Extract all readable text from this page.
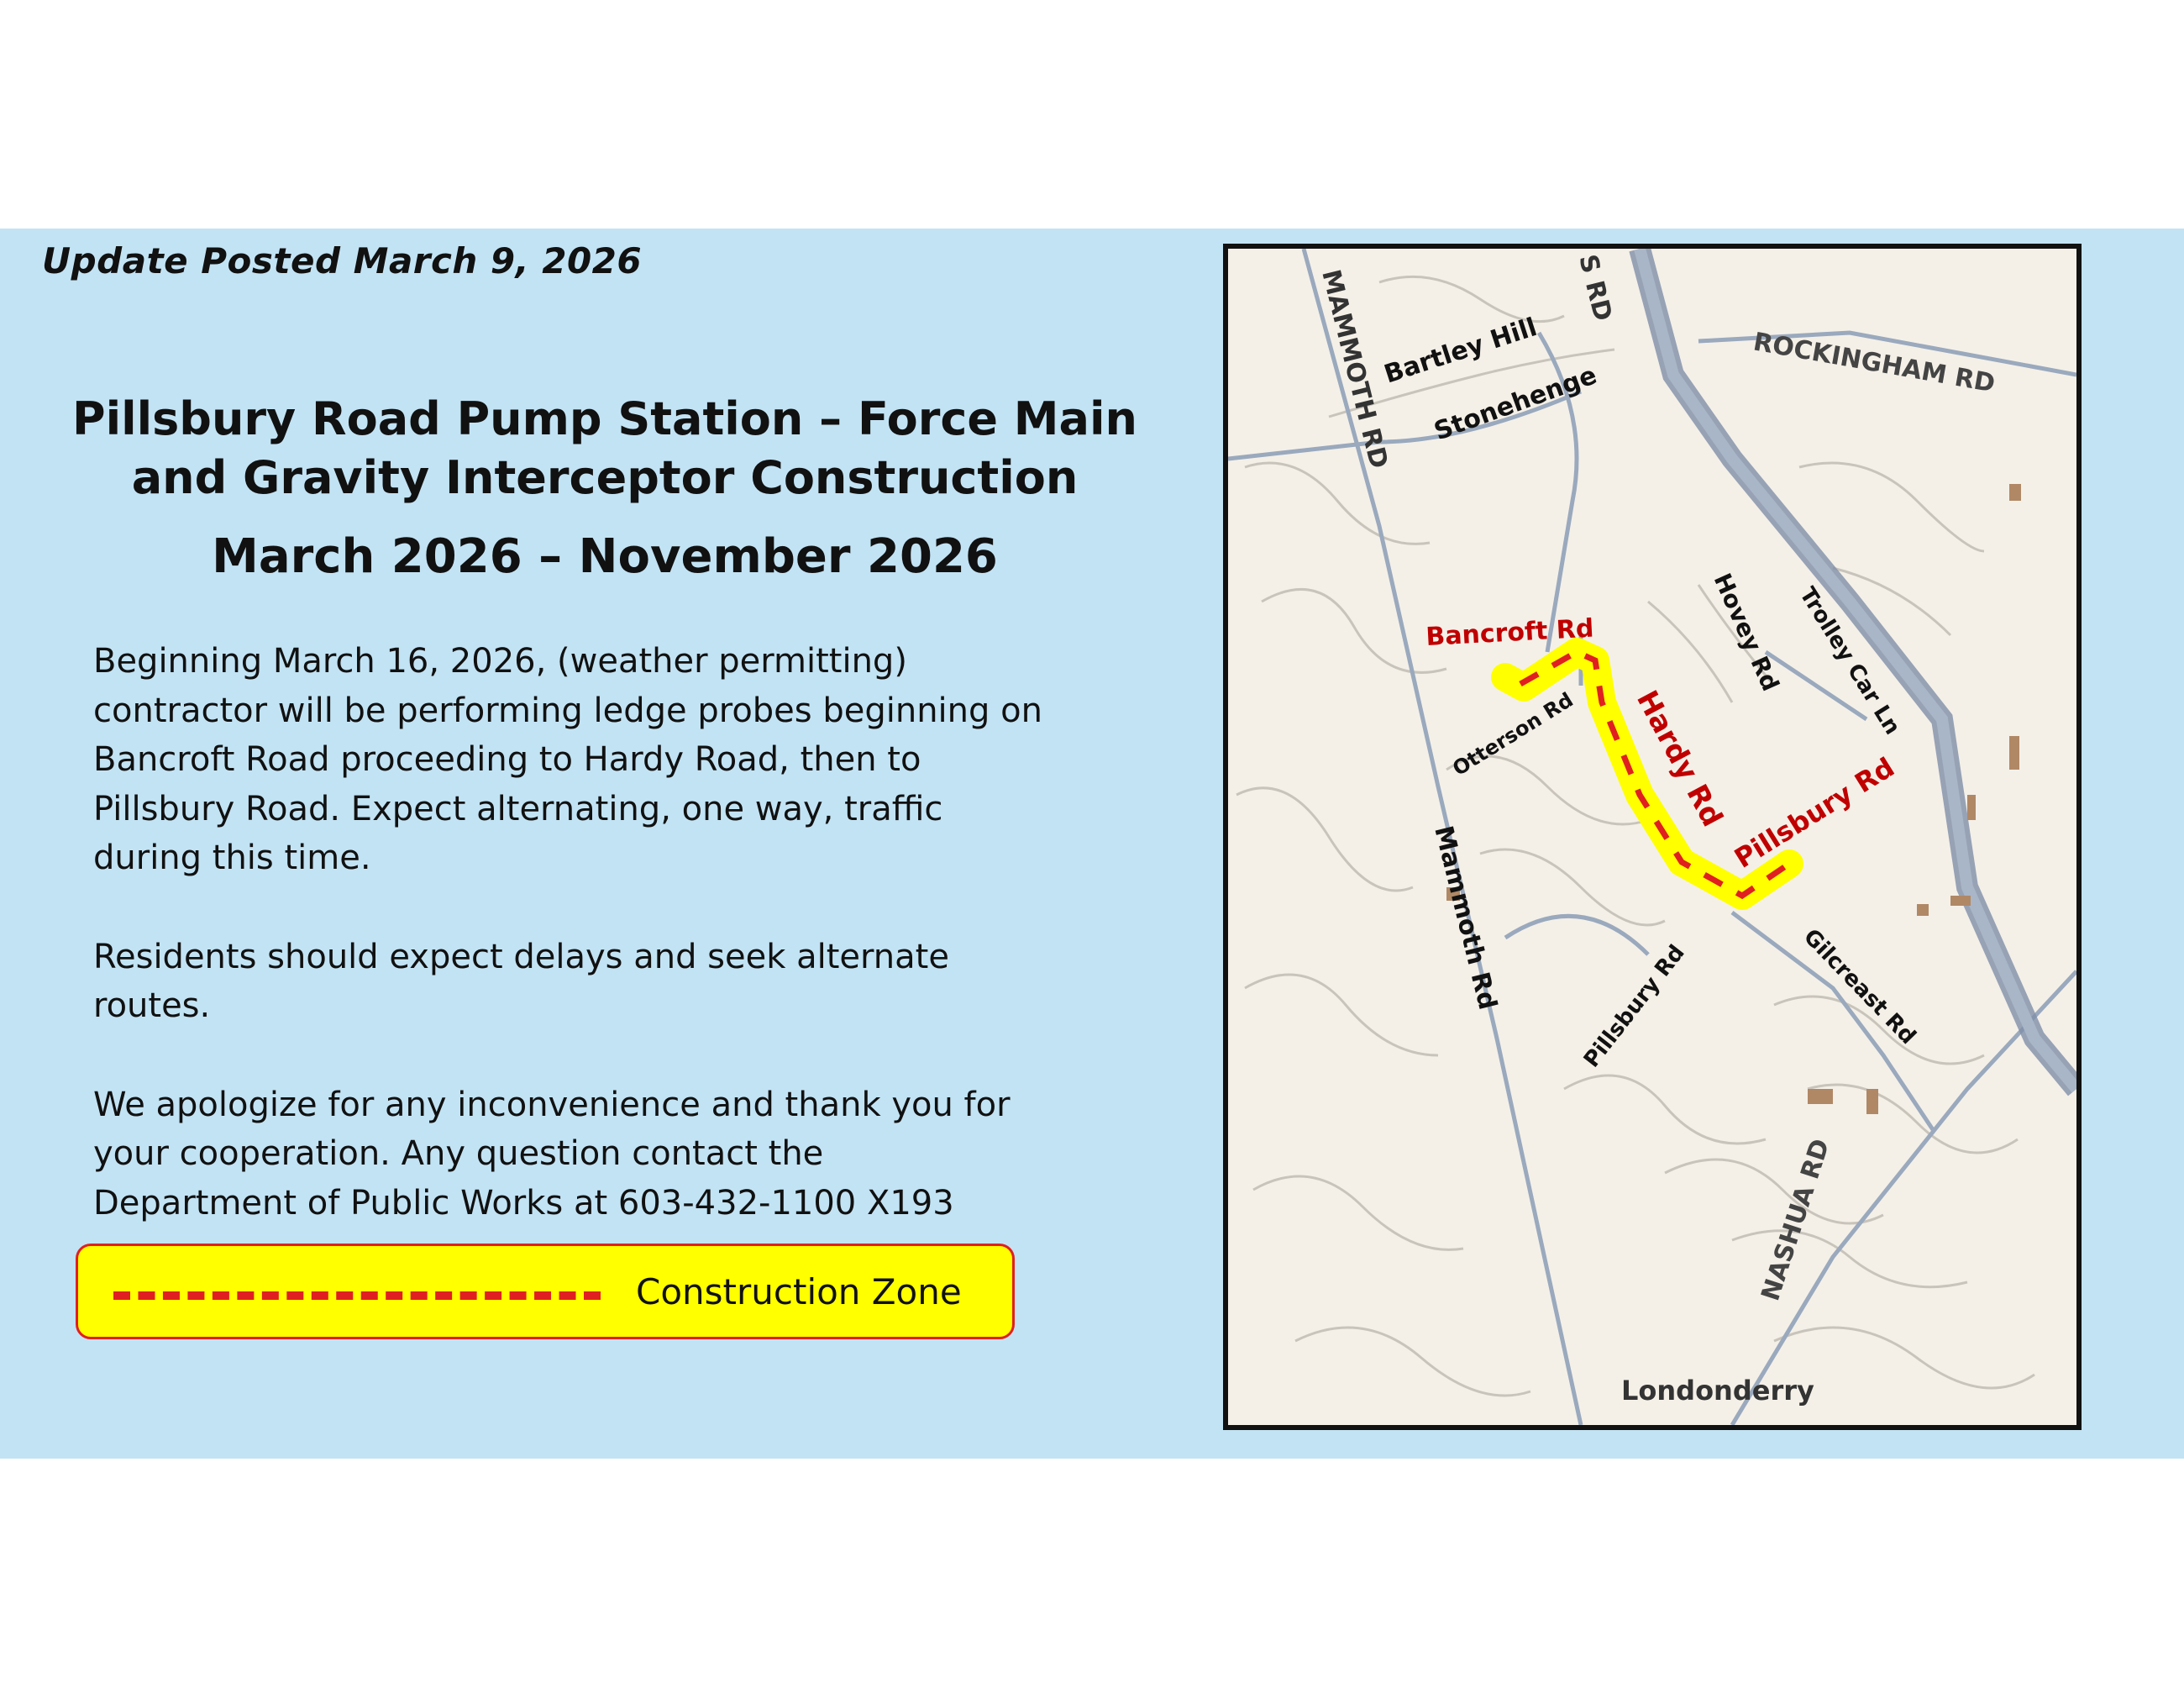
Update Posted March 9, 2026
Pillsbury Road Pump Station – Force Main
and Gravity Interceptor Construction
March 2026 – November 2026

Beginning March 16, 2026, (weather permitting)
contractor will be performing ledge probes beginning on
Bancroft Road proceeding to Hardy Road, then to
Pillsbury Road. Expect alternating, one way, traffic
during this time.

Residents should expect delays and seek alternate
routes.

We apologize for any inconvenience and thank you for
your cooperation. Any question contact the
Department of Public Works at 603-432-1100 X193

Construction Zone
MAMMOTH RD	S RD
Bartley Hill
Stonehenge	ROCKINGHAM RD
Bancroft Rd	Hovey Rd Trolley Car Ln
Otterson Rd Hardy Rd Pillsbury Rd
Mammoth Rd	Pillsbury Rd	Gilcreast Rd
NASHUA RD
Londonderry
